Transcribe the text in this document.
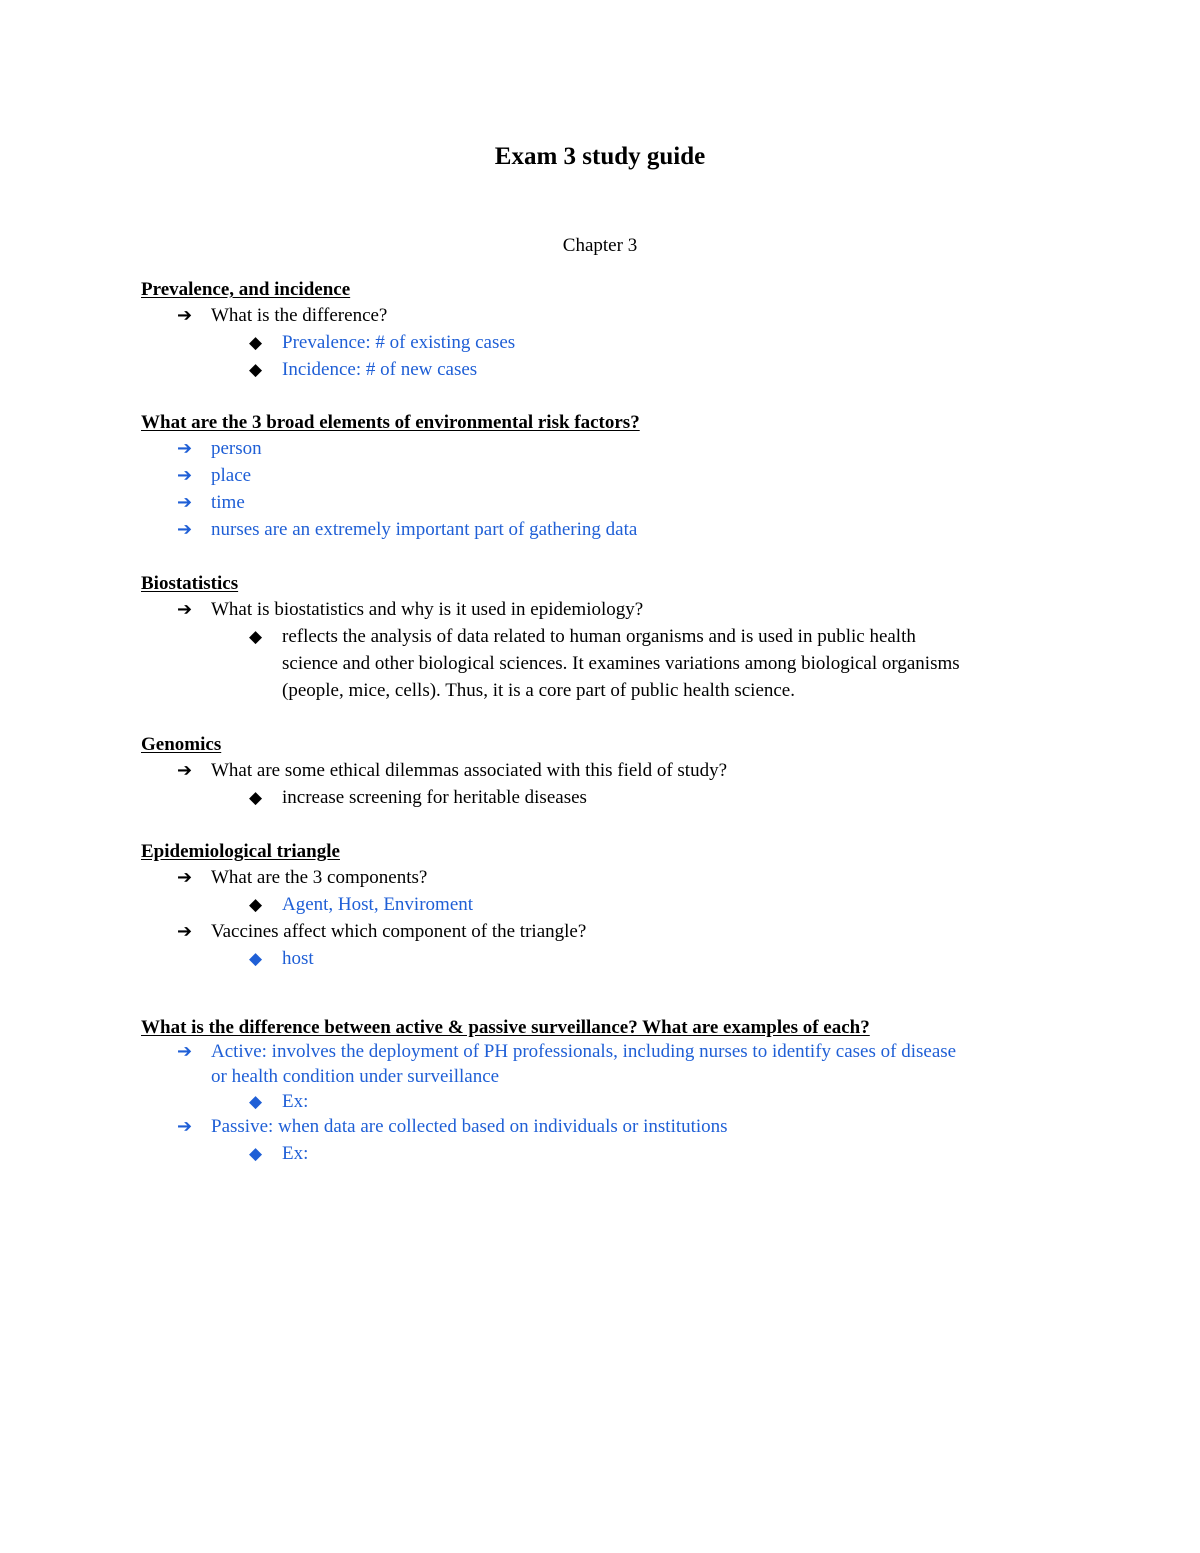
Exam 3 study guide
Chapter 3
Prevalence, and incidence
➔ What is the difference?
◆ Prevalence: # of existing cases
◆ Incidence: # of new cases
What are the 3 broad elements of environmental risk factors?
➔ person
➔ place
➔ time
➔ nurses are an extremely important part of gathering data
Biostatistics
➔ What is biostatistics and why is it used in epidemiology?
◆ reflects the analysis of data related to human organisms and is used in public health
science and other biological sciences. It examines variations among biological organisms
(people, mice, cells). Thus, it is a core part of public health science.
Genomics
➔ What are some ethical dilemmas associated with this field of study?
◆ increase screening for heritable diseases
Epidemiological triangle
➔ What are the 3 components?
◆ Agent, Host, Enviroment
➔ Vaccines affect which component of the triangle?
◆ host
What is the difference between active & passive surveillance? What are examples of each?
➔ Active: involves the deployment of PH professionals, including nurses to identify cases of disease
or health condition under surveillance
◆ Ex:
➔ Passive: when data are collected based on individuals or institutions
◆ Ex:
